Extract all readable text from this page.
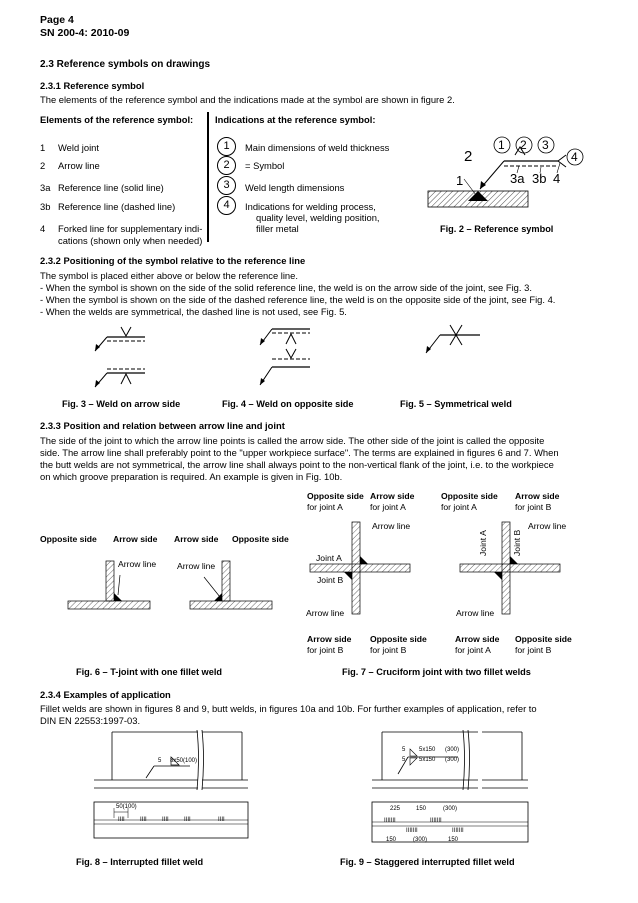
Page 4
SN 200-4: 2010-09
2.3 Reference symbols on drawings
2.3.1 Reference symbol
The elements of the reference symbol and the indications made at the symbol are shown in figure 2.
Elements of the reference symbol:
1 Weld joint
2 Arrow line
3a Reference line (solid line)
3b Reference line (dashed line)
4 Forked line for supplementary indi-
cations (shown only when needed)
Indications at the reference symbol:
1	Main dimensions of weld thickness
2	= Symbol
3	Weld length dimensions
4	Indications for welding process,
quality level, welding position,
filler metal
1 2 3
4
2
1	3a 3b 4
Fig. 2 – Reference symbol
2.3.2 Positioning of the symbol relative to the reference line
The symbol is placed either above or below the reference line.
- When the symbol is shown on the side of the solid reference line, the weld is on the arrow side of the joint, see Fig. 3.
- When the symbol is shown on the side of the dashed reference line, the weld is on the opposite side of the joint, see Fig. 4.
- When the welds are symmetrical, the dashed line is not used, see Fig. 5.
Fig. 3 – Weld on arrow side	Fig. 4 – Weld on opposite side	Fig. 5 – Symmetrical weld
2.3.3 Position and relation between arrow line and joint
The side of the joint to which the arrow line points is called the arrow side. The other side of the joint is called the opposite
side. The arrow line shall preferably point to the "upper workpiece surface". The terms are explained in figures 6 and 7. When
the butt welds are not symmetrical, the arrow line shall always point to the non-vertical flank of the joint, i.e. to the workpiece
on which groove preparation is required. An example is given in Fig. 10b.
Opposite side
for joint A
Arrow side
for joint A
Opposite side
for joint A
Arrow side
for joint B
Opposite side Arrow side Arrow side Opposite side
Arrow line Arrow line
Arrow line
Joint A
Joint B
Arrow line
Arrow line
Arrow line
Joint A	Joint B
Arrow side
for joint B
Opposite side
for joint B
Arrow side
for joint A
Opposite side
for joint B
Fig. 6 – T-joint with one fillet weld	Fig. 7 – Cruciform joint with two fillet welds
2.3.4 Examples of application
Fillet welds are shown in figures 8 and 9, butt welds, in figures 10a and 10b. For further examples of application, refer to
DIN EN 22553:1997-03.
IIII	IIII	IIII	IIII	IIII
5 8x50(100)
50(100)
IIIIIII	IIIIIII
IIIIIII	IIIIIII
5
5
5x150
5x150
(300)
(300)
225	150	(300)
150	(300)	150
Fig. 8 – Interrupted fillet weld	Fig. 9 – Staggered interrupted fillet weld
